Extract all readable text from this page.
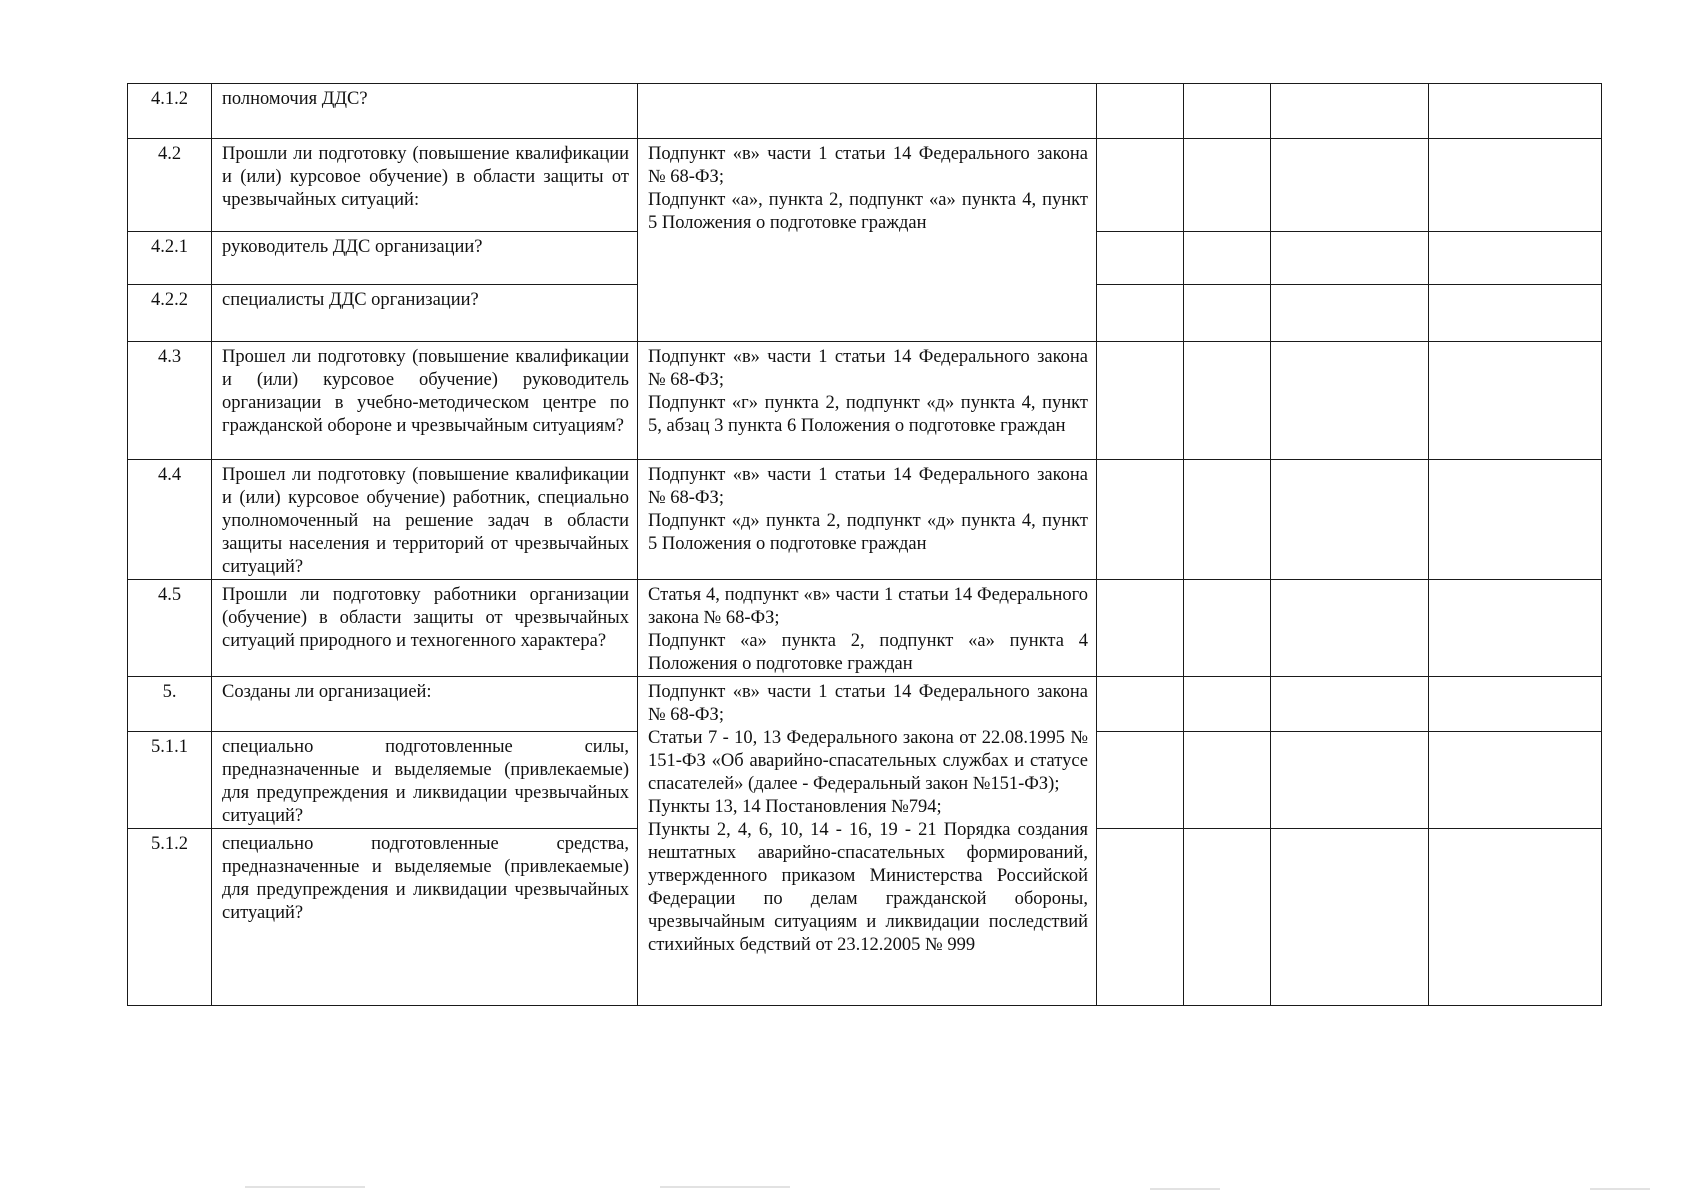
4.1.2	полномочия ДДС?					
4.2	Прошли ли подготовку (повышение квалификации и (или) курсовое обучение) в области защиты от чрезвычайных ситуаций:	Подпункт «в» части 1 статьи 14 Федерального закона № 68-ФЗ;
Подпункт «а», пункта 2, подпункт «а» пункта 4, пункт 5 Положения о подготовке граждан				

4.2.1	руководитель ДДС организации?					
4.2.2	специалисты ДДС организации?					
4.3	Прошел ли подготовку (повышение квалификации и (или) курсовое обучение) руководитель организации в учебно-методическом центре по гражданской обороне и чрезвычайным ситуациям?	Подпункт «в» части 1 статьи 14 Федерального закона № 68-ФЗ;
Подпункт «г» пункта 2, подпункт «д» пункта 4, пункт 5, абзац 3 пункта 6 Положения о подготовке граждан				

4.4	Прошел ли подготовку (повышение квалификации и (или) курсовое обучение) работник, специально уполномоченный на решение задач в области защиты населения и территорий от чрезвычайных ситуаций?	Подпункт «в» части 1 статьи 14 Федерального закона № 68-ФЗ;
Подпункт «д» пункта 2, подпункт «д» пункта 4, пункт 5 Положения о подготовке граждан				

4.5	Прошли ли подготовку работники организации (обучение) в области защиты от чрезвычайных ситуаций природного и техногенного характера?	Статья 4, подпункт «в» части 1 статьи 14 Федерального закона № 68-ФЗ;
Подпункт «а» пункта 2, подпункт «а» пункта 4 Положения о подготовке граждан				

5.	Созданы ли организацией:	Подпункт «в» части 1 статьи 14 Федерального закона № 68-ФЗ;
Статьи 7 - 10, 13 Федерального закона от 22.08.1995 № 151-ФЗ «Об аварийно-спасательных службах и статусе спасателей» (далее - Федеральный закон №151-ФЗ);
Пункты 13, 14 Постановления №794;
Пункты 2, 4, 6, 10, 14 - 16, 19 - 21 Порядка создания нештатных аварийно-спасательных формирований, утвержденного приказом Министерства Российской Федерации по делам гражданской обороны, чрезвычайным ситуациям и ликвидации последствий стихийных бедствий от 23.12.2005 № 999				

5.1.1	специально подготовленные силы, предназначенные и выделяемые (привлекаемые) для предупреждения и ликвидации чрезвычайных ситуаций?					
5.1.2	специально подготовленные средства, предназначенные и выделяемые (привлекаемые) для предупреждения и ликвидации чрезвычайных ситуаций?					
